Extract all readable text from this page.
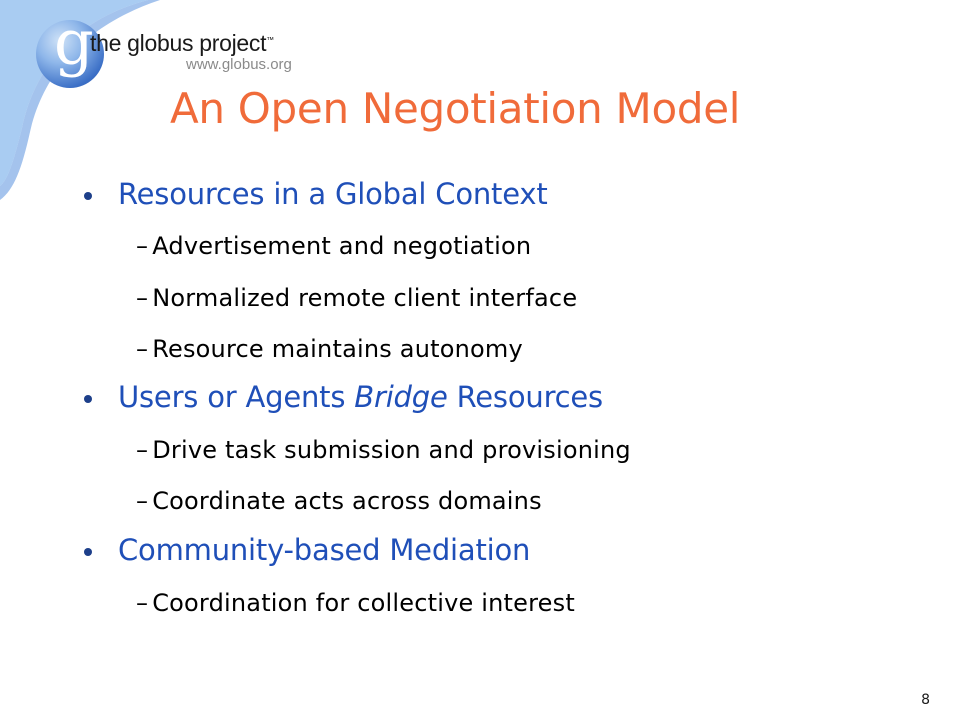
g
the globus project™
www.globus.org
An Open Negotiation Model
Resources in a Global Context
– Advertisement and negotiation
– Normalized remote client interface
– Resource maintains autonomy
Users or Agents Bridge Resources
– Drive task submission and provisioning
– Coordinate acts across domains
Community-based Mediation
– Coordination for collective interest
8
